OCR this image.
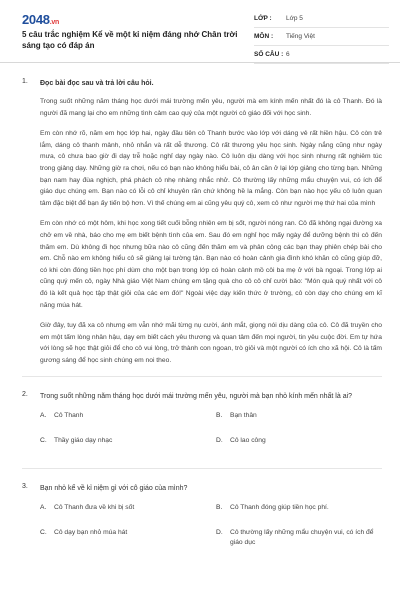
2048.vn
5 câu trắc nghiệm Kể về một kỉ niệm đáng nhớ Chân trời sáng tạo có đáp án
LỚP :	Lớp 5
MÔN :	Tiếng Việt
SỐ CÂU : 6
1. Đọc bài đọc sau và trả lời câu hỏi.

Trong suốt những năm tháng học dưới mái trường mến yêu, người mà em kính mến nhất đó là cô Thanh. Đó là người đã mang lại cho em những tình cảm cao quý của một người cô giáo đối với học sinh.

Em còn nhớ rõ, năm em học lớp hai, ngày đầu tiên cô Thanh bước vào lớp với dáng vẻ rất hiền hậu. Cô còn trẻ lắm, dáng cô thanh mảnh, nhỏ nhắn và rất dễ thương. Cô rất thương yêu học sinh. Ngày nắng cũng như ngày mưa, cô chưa bao giờ đi dạy trễ hoặc nghỉ dạy ngày nào. Cô luôn dịu dàng với học sinh nhưng rất nghiêm túc trong giảng dạy. Những giờ ra chơi, nếu có bạn nào không hiểu bài, cô ân cần ở lại lớp giảng cho từng bạn. Những bạn nam hay đùa nghịch, phá phách cô nhẹ nhàng nhắc nhở. Cô thường lấy những mẩu chuyện vui, có ích để giáo dục chúng em. Bạn nào có lỗi cô chỉ khuyên răn chứ không hề la mắng. Còn bạn nào học yếu cô luôn quan tâm đặc biệt để bạn ấy tiến bộ hơn. Vì thế chúng em ai cũng yêu quý cô, xem cô như người mẹ thứ hai của mình

Em còn nhớ có một hôm, khi học xong tiết cuối bỗng nhiên em bị sốt, người nóng ran. Cô đã không ngại đường xa chở em về nhà, báo cho mẹ em biết bệnh tình của em. Sau đó em nghỉ học mấy ngày để dưỡng bệnh thì cô đến thăm em. Dù không đi học nhưng bữa nào cô cũng đến thăm em và phân công các bạn thay phiên chép bài cho em. Chỗ nào em không hiểu cô sẽ giảng lại tường tận. Bạn nào có hoàn cảnh gia đình khó khăn cô cũng giúp đỡ, có khi còn đóng tiền học phí dùm cho một bạn trong lớp có hoàn cảnh mồ côi ba mẹ ở với bà ngoại. Trong lớp ai cũng quý mến cô, ngày Nhà giáo Việt Nam chúng em tặng quà cho cô cô chỉ cười bảo: "Món quà quý nhất với cô đó là kết quả học tập thật giỏi của các em đó!" Ngoài việc dạy kiến thức ở trường, cô còn dạy cho chúng em kĩ năng múa hát.

Giờ đây, tuy đã xa cô nhưng em vẫn nhớ mãi từng nụ cười, ánh mắt, giọng nói dịu dàng của cô. Cô đã truyền cho em một tấm lòng nhân hậu, dạy em biết cách yêu thương và quan tâm đến mọi người, tin yêu cuộc đời. Em tự hứa với lòng sẽ học thật giỏi để cho cô vui lòng, trở thành con ngoan, trò giỏi và một người có ích cho xã hội. Cô là tấm gương sáng để học sinh chúng em noi theo.

2. Trong suốt những năm tháng học dưới mái trường mến yêu, người mà bạn nhỏ kính mến nhất là ai?
A.	Cô Thanh	B.	Bạn thân
C.	Thầy giáo dạy nhạc	D.	Cô lao công
3. Bạn nhỏ kể về kỉ niệm gì với cô giáo của mình?
A.	Cô Thanh đưa về khi bị sốt	B.	Cô Thanh đóng giúp tiền học phí.
C.	Cô dạy bạn nhỏ múa hát	D.	Cô thường lấy những mẩu chuyện vui, có ích để giáo dục
